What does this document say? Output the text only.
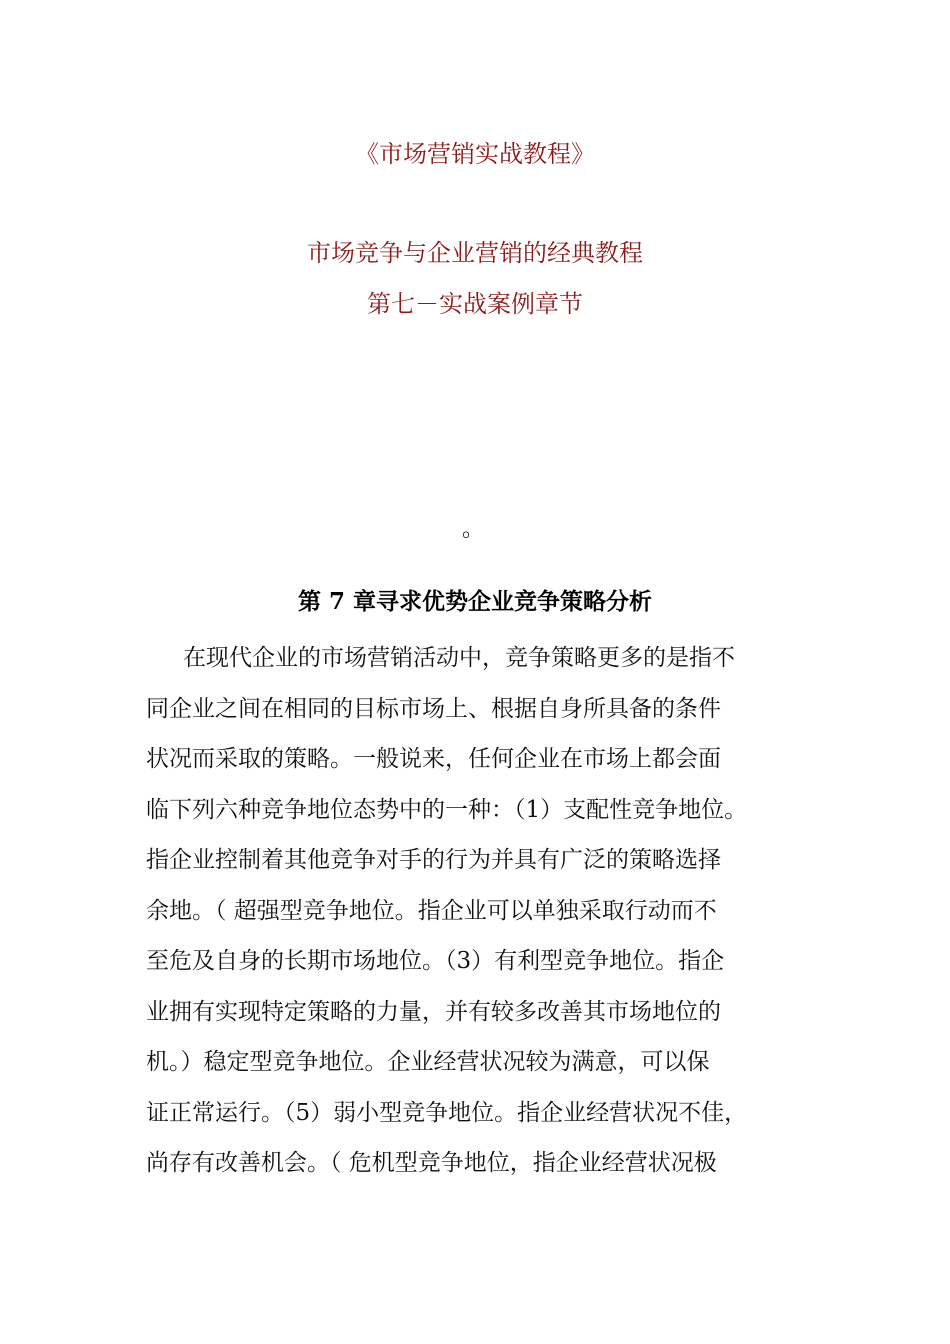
《市场营销实战教程》
市场竞争与企业营销的经典教程
第七－实战案例章节
。
第 7 章寻求优势企业竞争策略分析
在现代企业的市场营销活动中，竞争策略更多的是指不
同企业之间在相同的目标市场上、根据自身所具备的条件
状况而采取的策略。一般说来，任何企业在市场上都会面
临下列六种竞争地位态势中的一种：（1）支配性竞争地位。
指企业控制着其他竞争对手的行为并具有广泛的策略选择
余地。（ 超强型竞争地位。指企业可以单独采取行动而不
至危及自身的长期市场地位。（3）有利型竞争地位。指企
业拥有实现特定策略的力量，并有较多改善其市场地位的
机。）稳定型竞争地位。企业经营状况较为满意，可以保
证正常运行。（5）弱小型竞争地位。指企业经营状况不佳，
尚存有改善机会。（ 危机型竞争地位，指企业经营状况极
